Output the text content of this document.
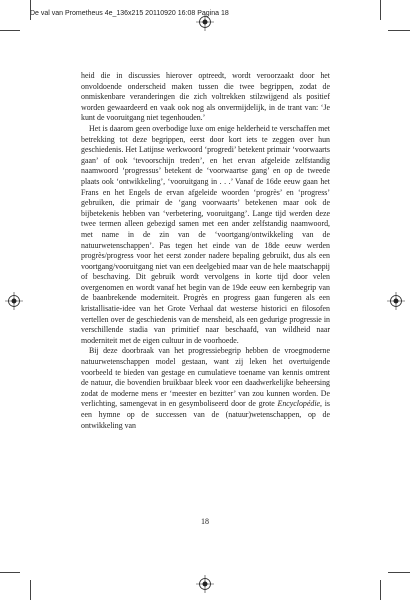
De val van Prometheus 4e_136x215 20110920 16:08 Pagina 18

heid die in discussies hierover optreedt, wordt veroorzaakt door het onvoldoende onderscheid maken tussen die twee begrippen, zodat de onmiskenbare veranderingen die zich voltrekken stilzwijgend als positief worden gewaardeerd en vaak ook nog als onvermijdelijk, in de trant van: ‘Je kunt de vooruitgang niet tegenhouden.’

Het is daarom geen overbodige luxe om enige helderheid te verschaffen met betrekking tot deze begrippen, eerst door kort iets te zeggen over hun geschiedenis. Het Latijnse werkwoord ‘progredi’ betekent primair ‘voorwaarts gaan’ of ook ‘tevoorschijn treden’, en het ervan afgeleide zelfstandig naamwoord ‘progressus’ betekent de ‘voorwaartse gang’ en op de tweede plaats ook ‘ontwikkeling’, ‘vooruitgang in . . .’ Vanaf de 16de eeuw gaan het Frans en het Engels de ervan afgeleide woorden ‘progrès’ en ‘progress’ gebruiken, die primair de ‘gang voorwaarts’ betekenen maar ook de bijbetekenis hebben van ‘verbetering, vooruitgang’. Lange tijd werden deze twee termen alleen gebezigd samen met een ander zelfstandig naamwoord, met name in de zin van de ‘voortgang/ontwikkeling van de natuurwetenschappen’. Pas tegen het einde van de 18de eeuw werden progrès/progress voor het eerst zonder nadere bepaling gebruikt, dus als een voortgang/vooruitgang niet van een deelgebied maar van de hele maatschappij of beschaving. Dit gebruik wordt vervolgens in korte tijd door velen overgenomen en wordt vanaf het begin van de 19de eeuw een kernbegrip van de baanbrekende moderniteit. Progrès en progress gaan fungeren als een kristallisatie-idee van het Grote Verhaal dat westerse historici en filosofen vertellen over de geschiedenis van de mensheid, als een gedurige progressie in verschillende stadia van primitief naar beschaafd, van wildheid naar moderniteit met de eigen cultuur in de voorhoede.

Bij deze doorbraak van het progressiebegrip hebben de vroegmoderne natuurwetenschappen model gestaan, want zij leken het overtuigende voorbeeld te bieden van gestage en cumulatieve toename van kennis omtrent de natuur, die bovendien bruikbaar bleek voor een daadwerkelijke beheersing zodat de moderne mens er ‘meester en bezitter’ van zou kunnen worden. De verlichting, samengevat in en gesymboliseerd door de grote Encyclopédie, is een hymne op de successen van de (natuur)wetenschappen, op de ontwikkeling van

18
